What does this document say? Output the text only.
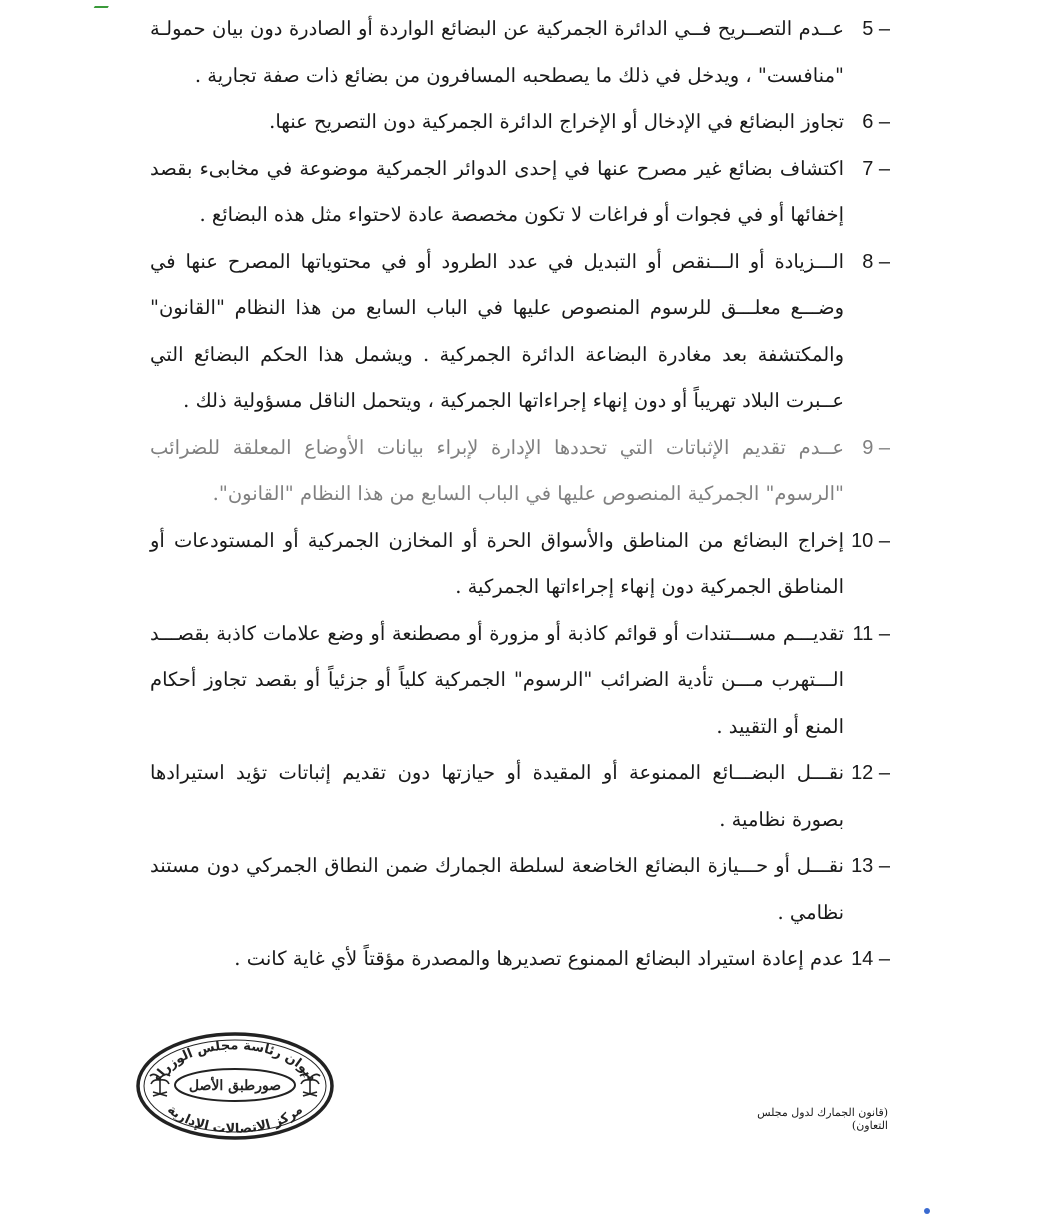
5 –
عــدم التصــريح فــي الدائرة الجمركية عن البضائع الواردة أو الصادرة دون بيان حمولـة "منافست" ، ويدخل في ذلك ما يصطحبه المسافرون من بضائع ذات صفة تجارية .
6 –
تجاوز البضائع في الإدخال أو الإخراج الدائرة الجمركية دون التصريح عنها.
7 –
اكتشاف بضائع غير مصرح عنها في إحدى الدوائر الجمركية موضوعة في مخابىء بقصد إخفائها أو في فجوات أو فراغات لا تكون مخصصة عادة لاحتواء مثل هذه البضائع .
8 –
الـــزيادة أو الـــنقص أو التبديل في عدد الطرود أو في محتوياتها المصرح عنها في وضـــع معلـــق للرسوم المنصوص عليها في الباب السابع من هذا النظام "القانون" والمكتشفة بعد مغادرة البضاعة الدائرة الجمركية . ويشمل هذا الحكم البضائع التي عــبرت البلاد تهريباً أو دون إنهاء إجراءاتها الجمركية ، ويتحمل الناقل مسؤولية ذلك .
9 –
عــدم تقديم الإثباتات التي تحددها الإدارة لإبراء بيانات الأوضاع المعلقة للضرائب "الرسوم" الجمركية المنصوص عليها في الباب السابع من هذا النظام "القانون".
10 –
إخراج البضائع من المناطق والأسواق الحرة أو المخازن الجمركية أو المستودعات أو المناطق الجمركية دون إنهاء إجراءاتها الجمركية .
11 –
تقديـــم مســـتندات أو قوائم كاذبة أو مزورة أو مصطنعة أو وضع علامات كاذبة بقصـــد الـــتهرب مـــن تأدية الضرائب "الرسوم" الجمركية كلياً أو جزئياً أو بقصد تجاوز أحكام المنع أو التقييد .
12 –
نقـــل البضـــائع الممنوعة أو المقيدة أو حيازتها دون تقديم إثباتات تؤيد استيرادها بصورة نظامية .
13 –
نقـــل أو حـــيازة البضائع الخاضعة لسلطة الجمارك ضمن النطاق الجمركي دون مستند نظامي .
14 –
عدم إعادة استيراد البضائع الممنوع تصديرها والمصدرة مؤقتاً لأي غاية كانت .
ديوان رئاسة مجلس الوزراء
مركز الاتصالات الإدارية
صورطبق الأصل
(قانون الجمارك لدول مجلس التعاون)
